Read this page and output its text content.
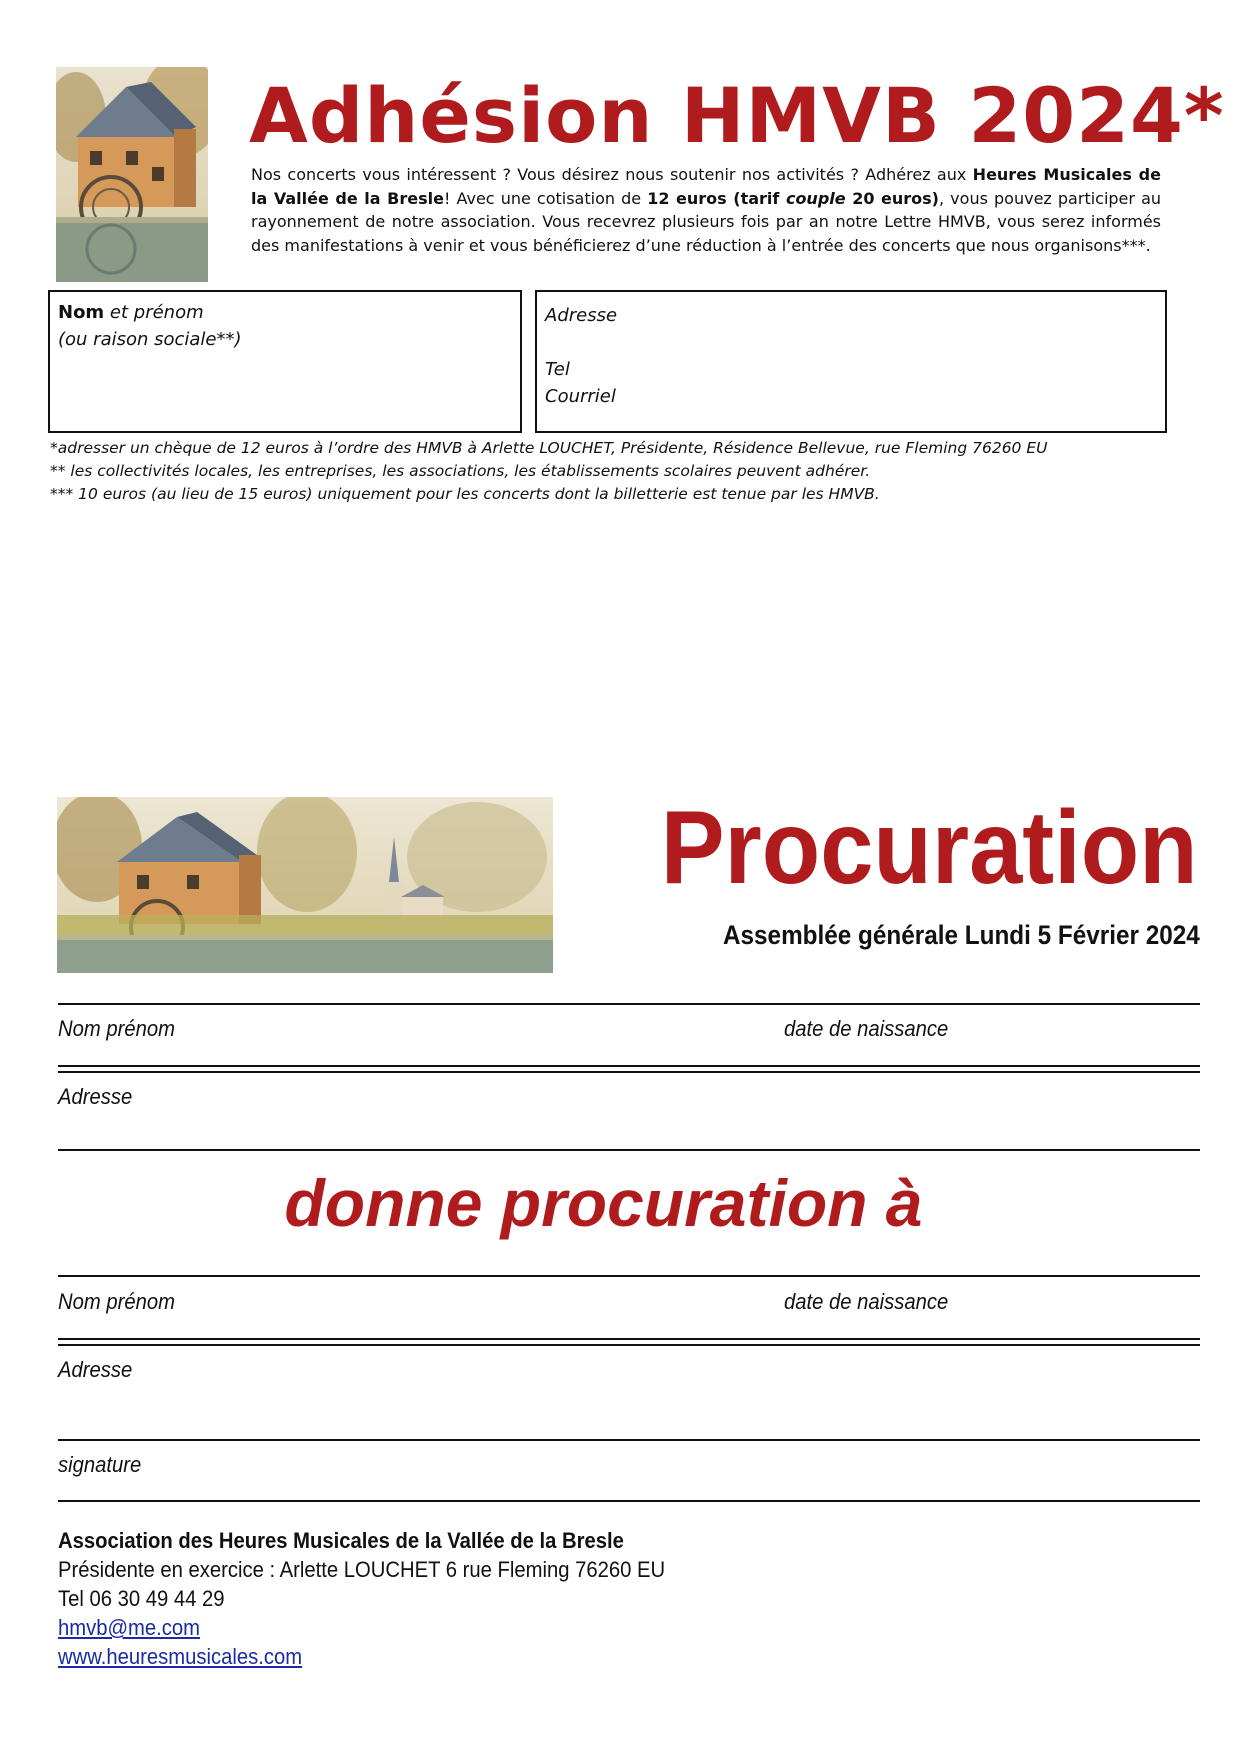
Adhésion HMVB 2024*
Nos concerts vous intéressent ? Vous désirez nous soutenir nos activités ? Adhérez aux Heures Musicales de la Vallée de la Bresle! Avec une cotisation de 12 euros (tarif couple 20 euros), vous pouvez participer au rayonnement de notre association. Vous recevrez plusieurs fois par an notre Lettre HMVB, vous serez informés des manifestations à venir et vous bénéficierez d’une réduction à l’entrée des concerts que nous organisons***.
Nom et prénom
(ou raison sociale**)
Adresse

Tel
Courriel
*adresser un chèque de 12 euros à l’ordre des HMVB à Arlette LOUCHET, Présidente, Résidence Bellevue, rue Fleming 76260 EU
** les collectivités locales, les entreprises, les associations, les établissements scolaires peuvent adhérer.
*** 10 euros (au lieu de 15 euros) uniquement pour les concerts dont la billetterie est tenue par les HMVB.
Procuration
Assemblée générale Lundi 5 Février 2024
Nom prénom	date de naissance
Adresse
donne procuration à
Nom prénom	date de naissance
Adresse
signature
Association des Heures Musicales de la Vallée de la Bresle
Présidente en exercice : Arlette LOUCHET 6 rue Fleming 76260 EU
Tel 06 30 49 44 29
hmvb@me.com
www.heuresmusicales.com
